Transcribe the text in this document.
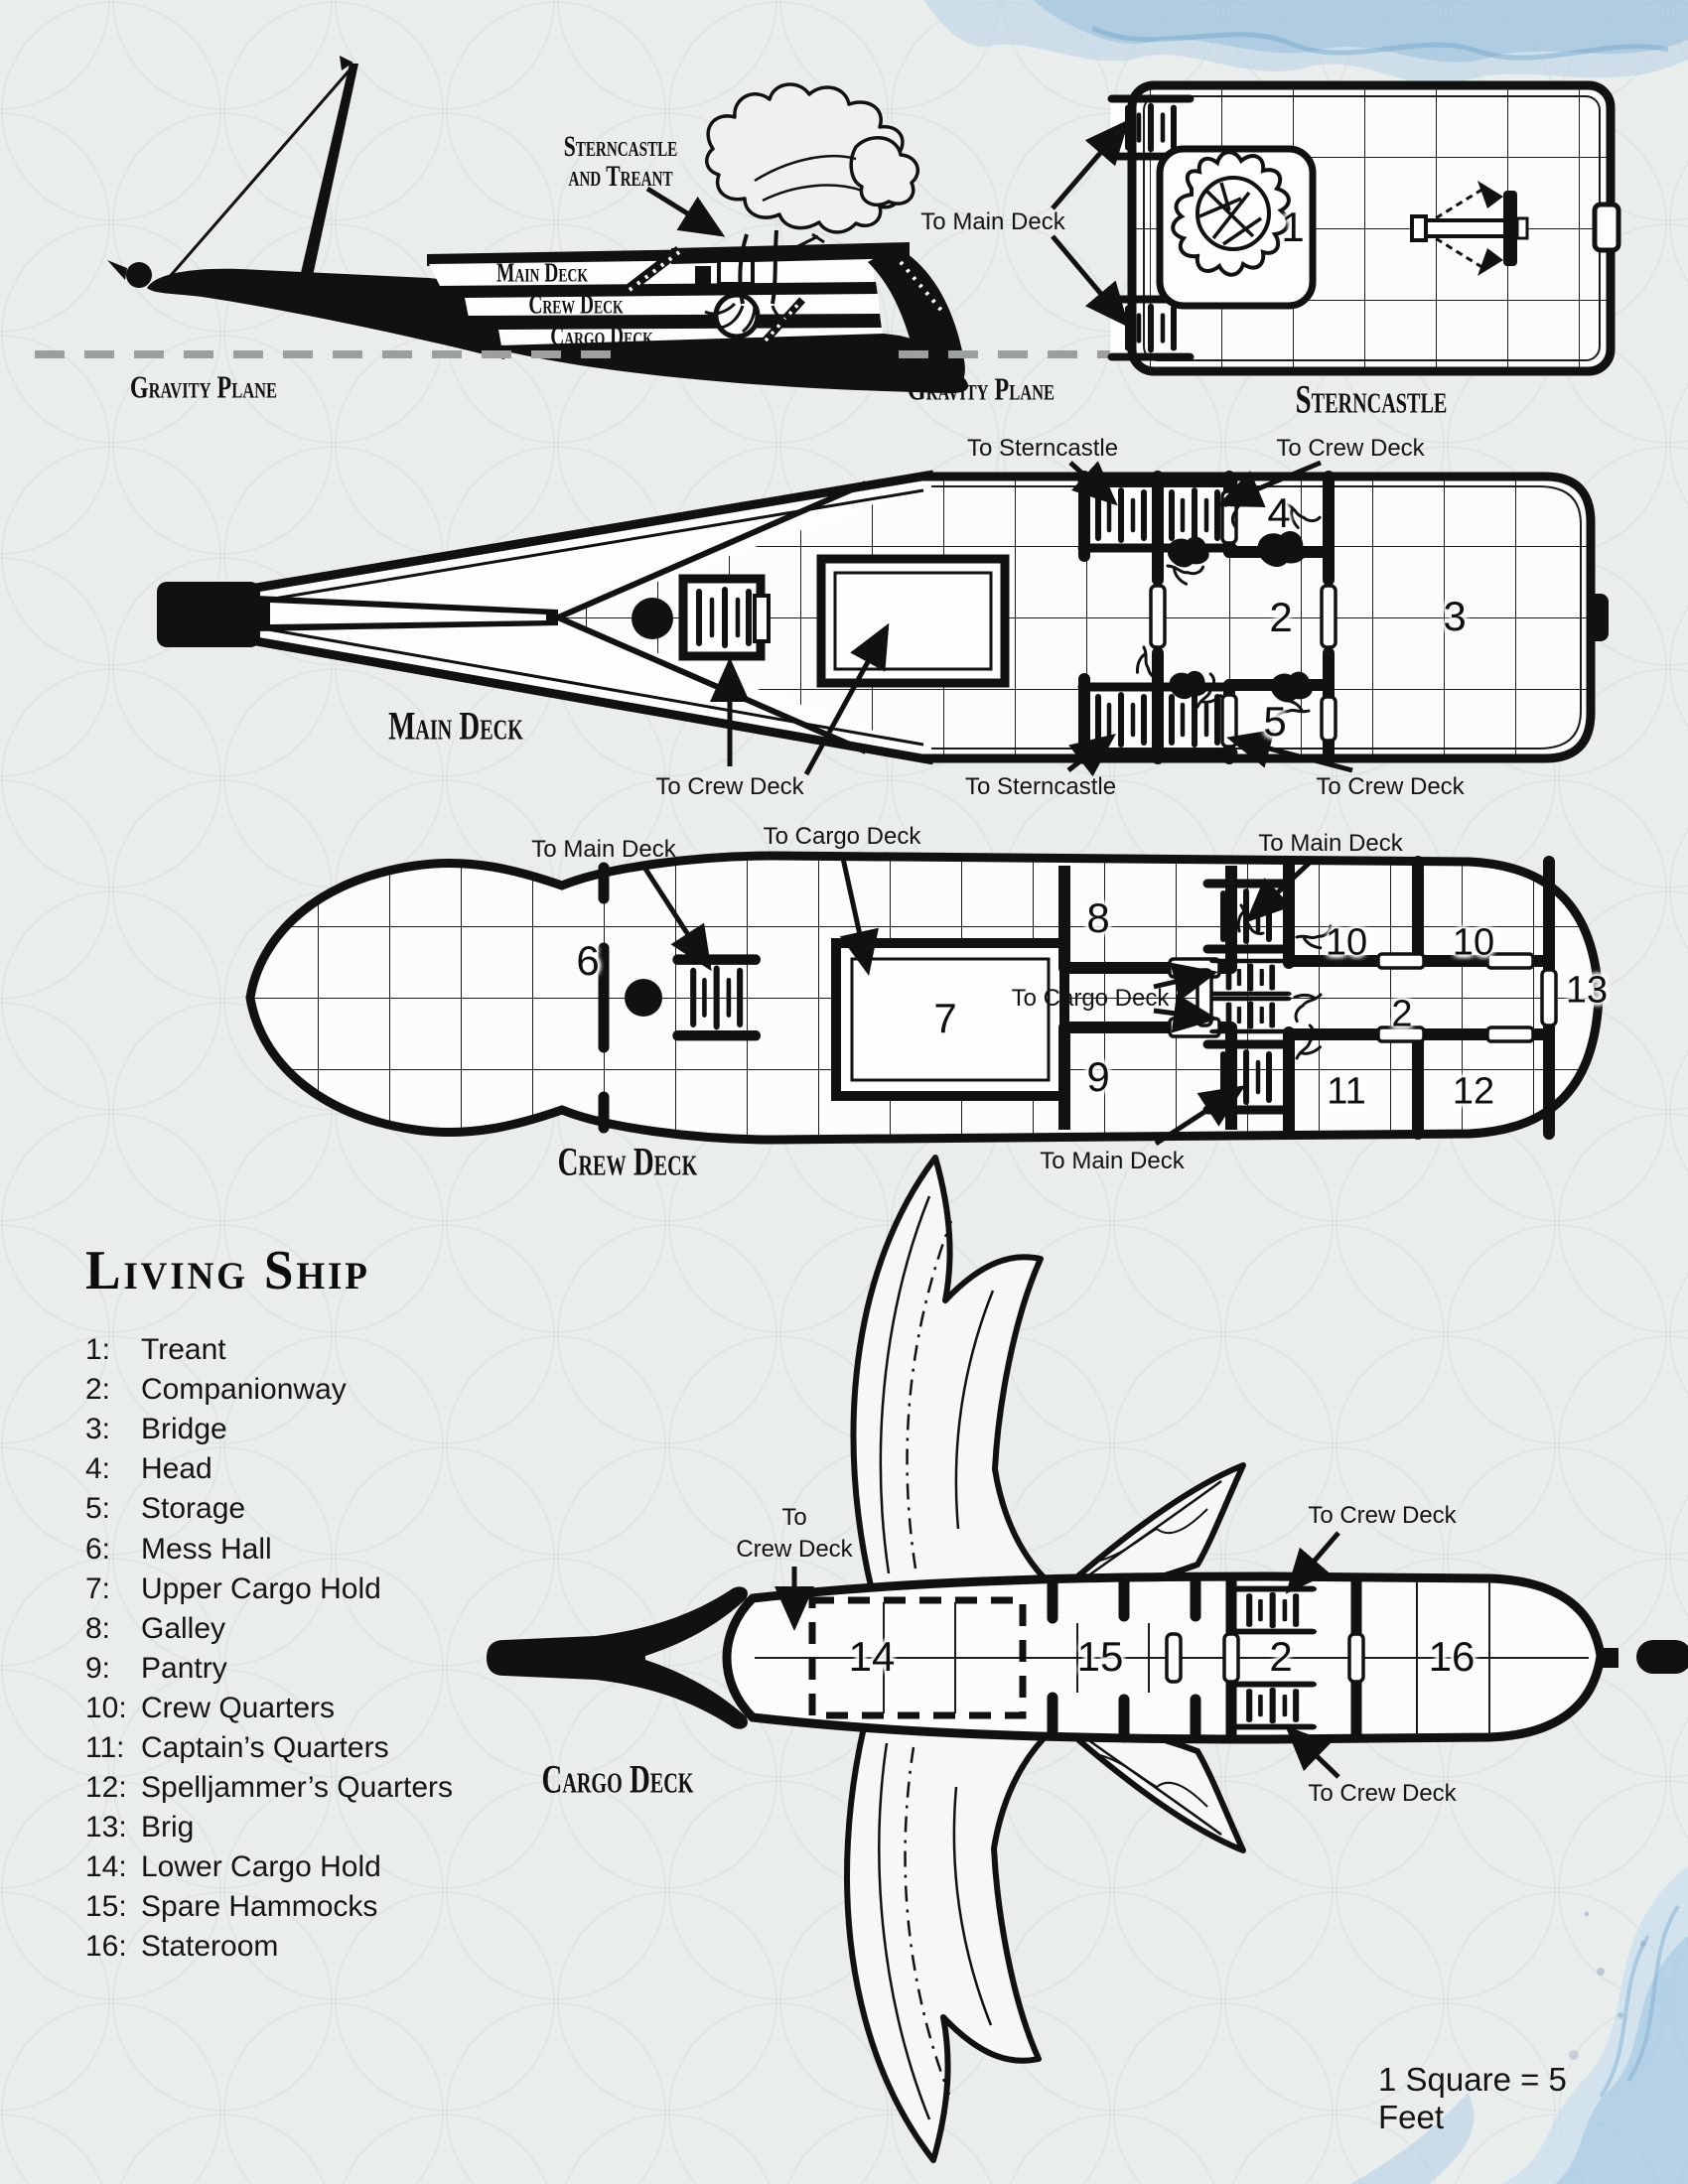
Sterncastle
and Treant
Main Deck
Crew Deck
Cargo Deck
Gravity Plane	Gravity Plane	Sterncastle
To Main Deck	1
Main Deck
To Sterncastle	To Crew Deck
To Crew Deck	To Sterncastle	To Crew Deck
2	3
4
5
Crew Deck
To Main Deck	To Cargo Deck	To Main Deck
To Cargo Deck
To Main Deck
6
7
8
9
10 10
11 12
13
2
Cargo Deck
To
Crew Deck
To Crew Deck
To Crew Deck
14	15	2	16
Living Ship
1:	Treant
2:	Companionway
3:	Bridge
4:	Head
5:	Storage
6:	Mess Hall
7:	Upper Cargo Hold
8:	Galley
9:	Pantry
10: Crew Quarters
11: Captain’s Quarters
12: Spelljammer’s Quarters
13: Brig
14: Lower Cargo Hold
15: Spare Hammocks
16: Stateroom
1 Square = 5 Feet
